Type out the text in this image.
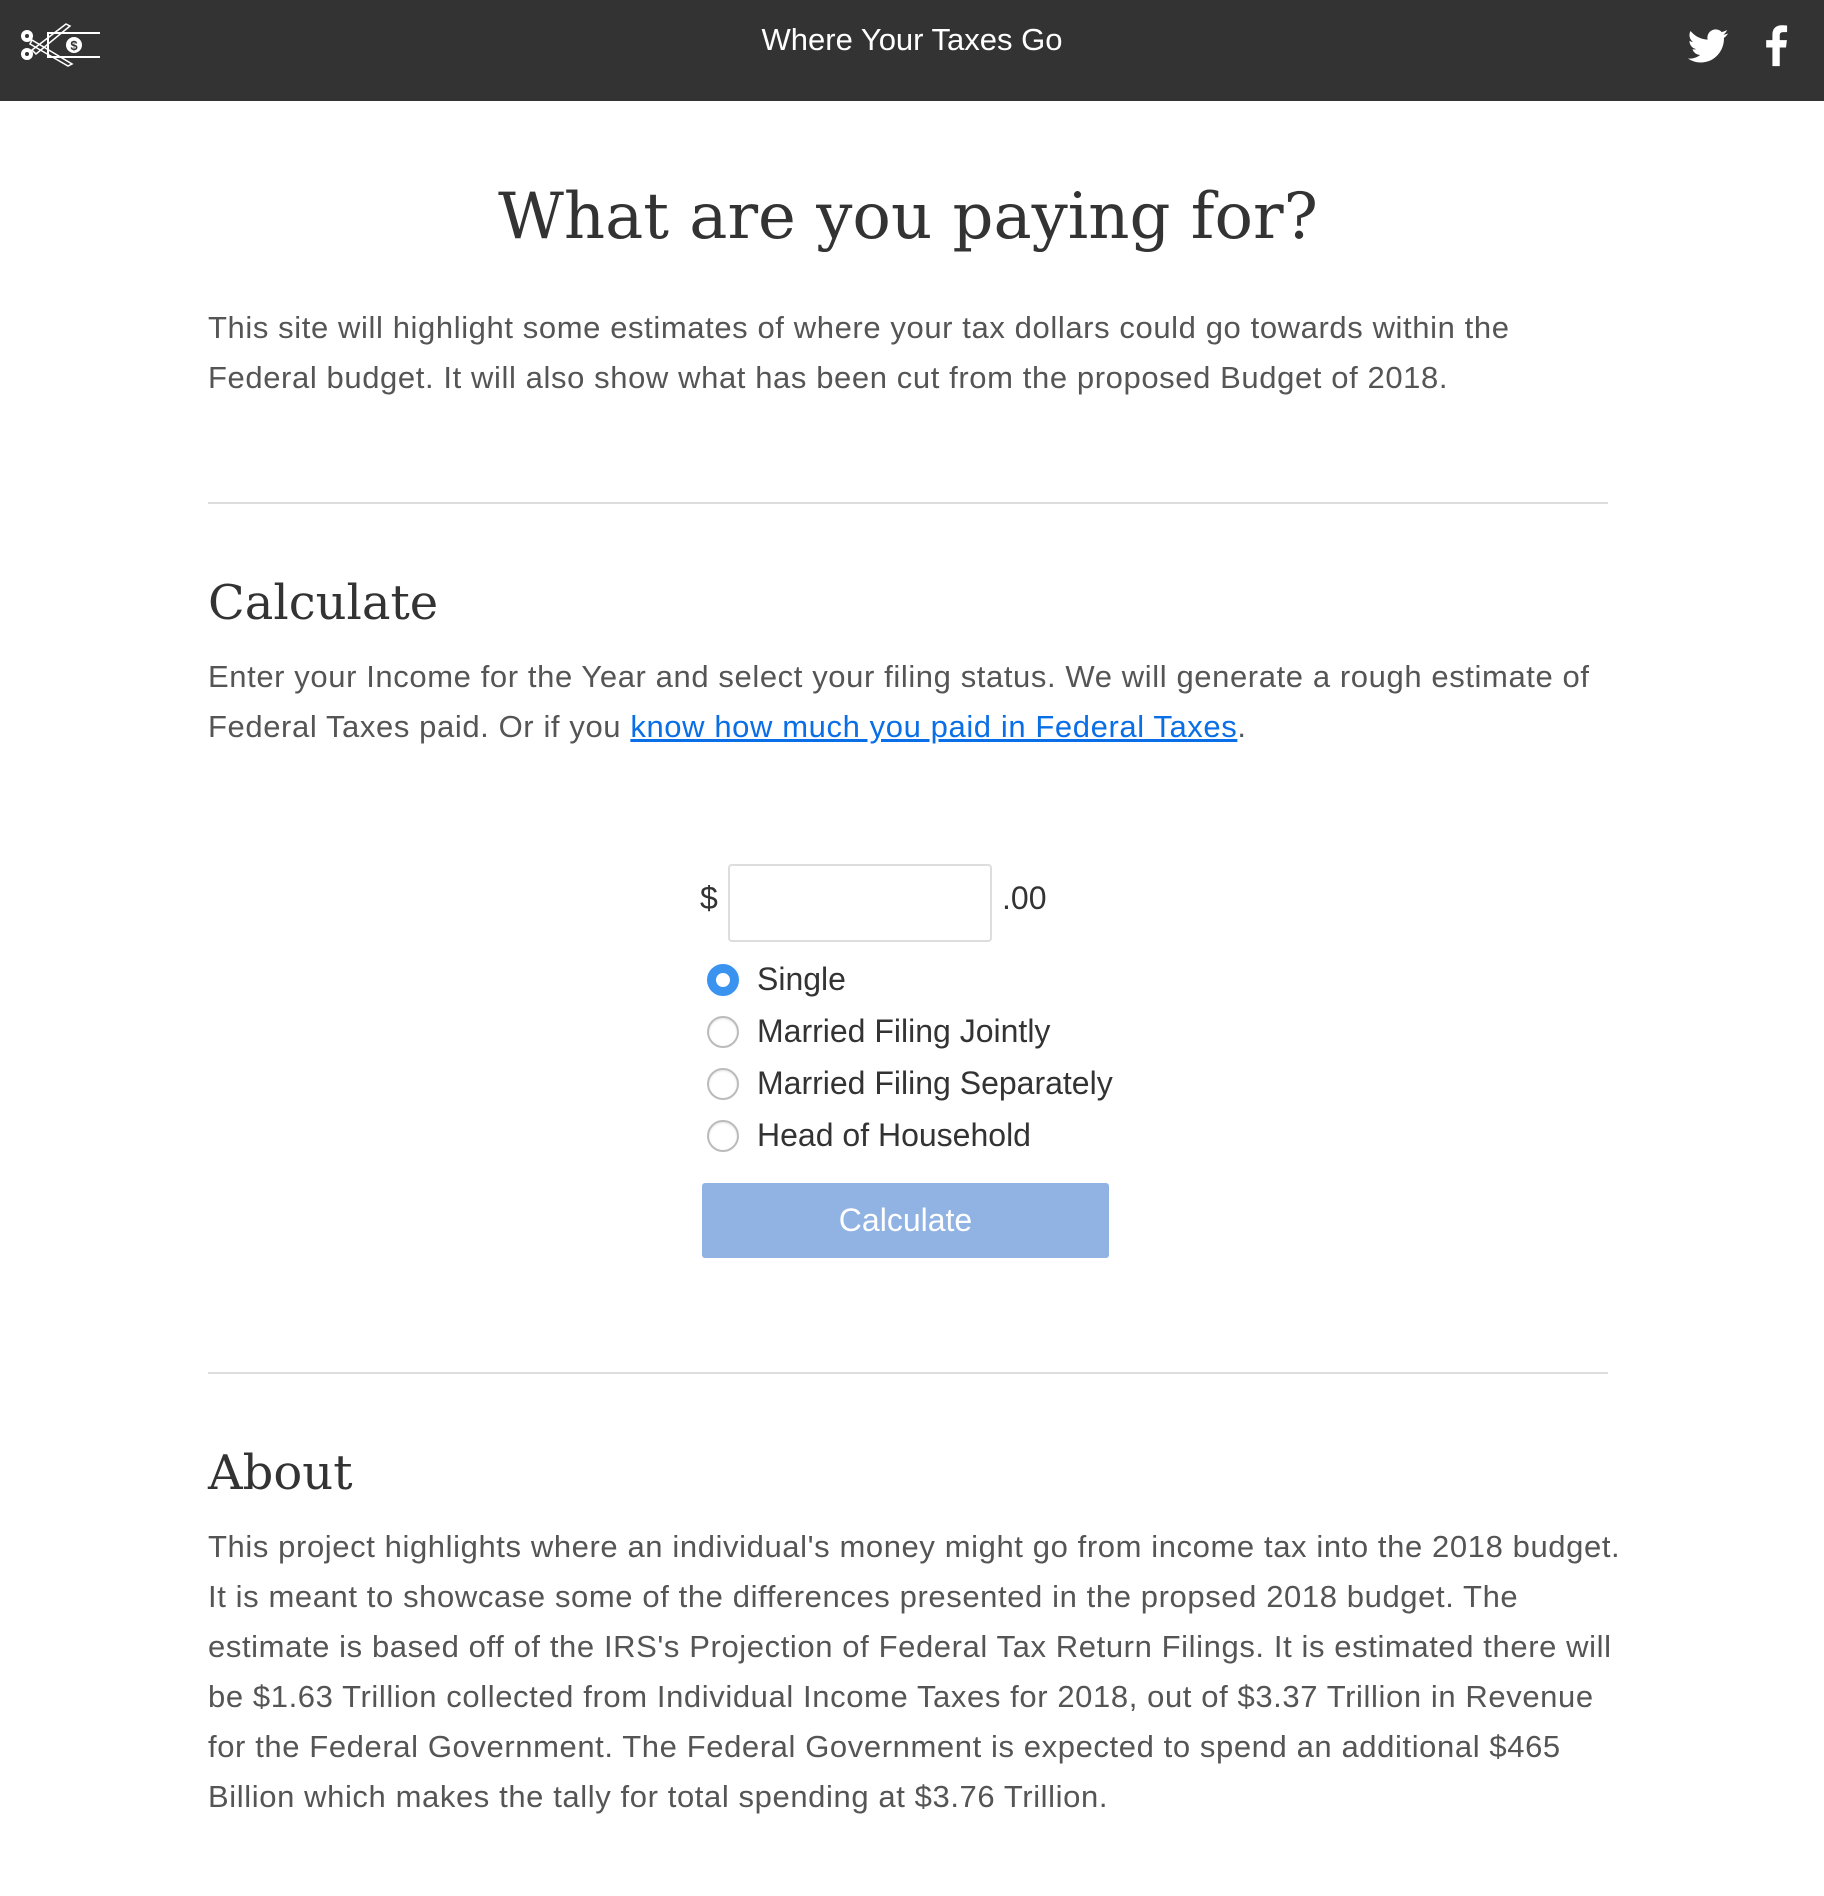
$	Where Your Taxes Go
What are you paying for?

This site will highlight some estimates of where your tax dollars could go towards within the Federal budget. It will also show what has been cut from the proposed Budget of 2018.

Calculate

Enter your Income for the Year and select your filing status. We will generate a rough estimate of Federal Taxes paid. Or if you know how much you paid in Federal Taxes.

$	.00
Single
Married Filing Jointly
Married Filing Separately
Head of Household
Calculate
About

This project highlights where an individual's money might go from income tax into the 2018 budget. It is meant to showcase some of the differences presented in the propsed 2018 budget. The estimate is based off of the IRS's Projection of Federal Tax Return Filings. It is estimated there will be $1.63 Trillion collected from Individual Income Taxes for 2018, out of $3.37 Trillion in Revenue for the Federal Government. The Federal Government is expected to spend an additional $465 Billion which makes the tally for total spending at $3.76 Trillion.
